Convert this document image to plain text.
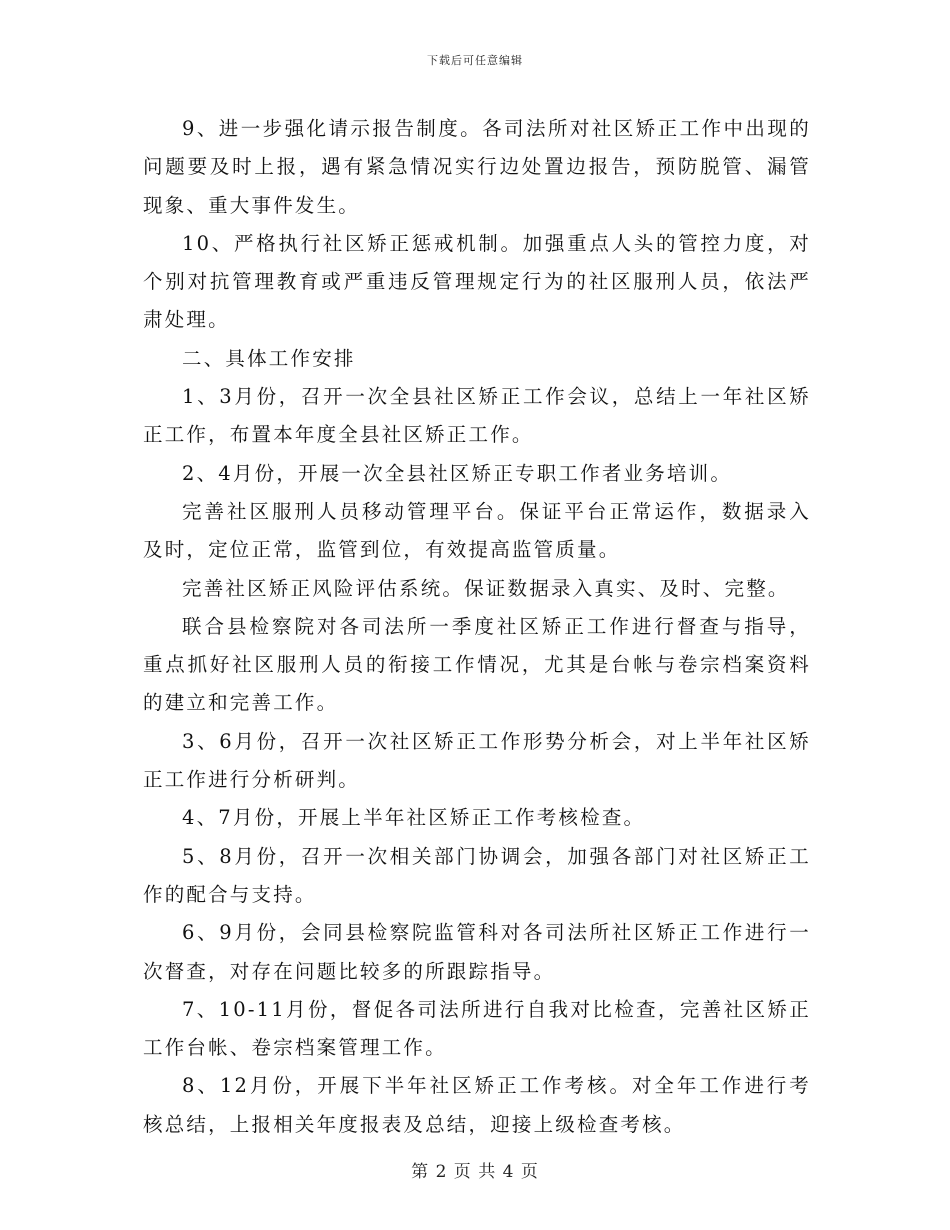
下载后可任意编辑

9、进一步强化请示报告制度。各司法所对社区矫正工作中出现的问题要及时上报，遇有紧急情况实行边处置边报告，预防脱管、漏管现象、重大事件发生。

10、严格执行社区矫正惩戒机制。加强重点人头的管控力度，对个别对抗管理教育或严重违反管理规定行为的社区服刑人员，依法严肃处理。

二、具体工作安排

1、3月份，召开一次全县社区矫正工作会议，总结上一年社区矫正工作，布置本年度全县社区矫正工作。

2、4月份，开展一次全县社区矫正专职工作者业务培训。

完善社区服刑人员移动管理平台。保证平台正常运作，数据录入及时，定位正常，监管到位，有效提高监管质量。

完善社区矫正风险评估系统。保证数据录入真实、及时、完整。

联合县检察院对各司法所一季度社区矫正工作进行督查与指导，重点抓好社区服刑人员的衔接工作情况，尤其是台帐与卷宗档案资料的建立和完善工作。

3、6月份，召开一次社区矫正工作形势分析会，对上半年社区矫正工作进行分析研判。

4、7月份，开展上半年社区矫正工作考核检查。

5、8月份，召开一次相关部门协调会，加强各部门对社区矫正工作的配合与支持。

6、9月份，会同县检察院监管科对各司法所社区矫正工作进行一次督查，对存在问题比较多的所跟踪指导。

7、10-11月份，督促各司法所进行自我对比检查，完善社区矫正工作台帐、卷宗档案管理工作。

8、12月份，开展下半年社区矫正工作考核。对全年工作进行考核总结，上报相关年度报表及总结，迎接上级检查考核。

第 2 页 共 4 页
